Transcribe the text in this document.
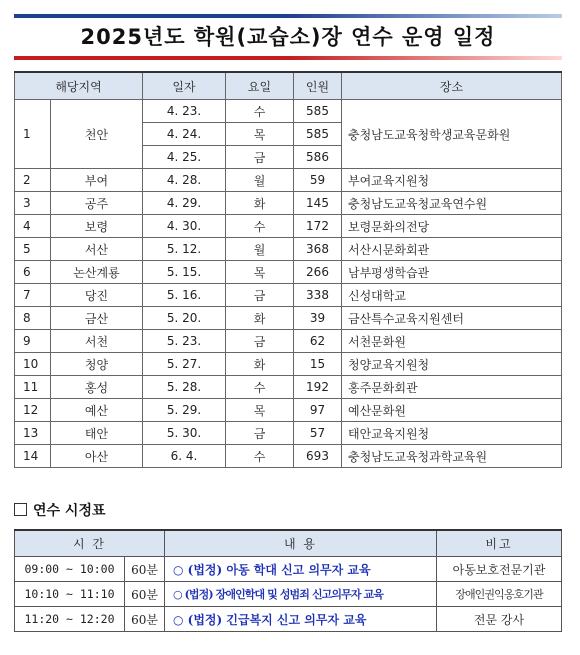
2025년도 학원(교습소)장 연수 운영 일정
해당지역		일자	요일	인원	장소
1	천안	4. 23.	수	585	충청남도교육청학생교육문화원
		4. 24.	목	585	
		4. 25.	금	586	
2	부여	4. 28.	월	59	부여교육지원청
3	공주	4. 29.	화	145	충청남도교육청교육연수원
4	보령	4. 30.	수	172	보령문화의전당
5	서산	5. 12.	월	368	서산시문화회관
6	논산계룡	5. 15.	목	266	남부평생학습관
7	당진	5. 16.	금	338	신성대학교
8	금산	5. 20.	화	39	금산특수교육지원센터
9	서천	5. 23.	금	62	서천문화원
10	청양	5. 27.	화	15	청양교육지원청
11	홍성	5. 28.	수	192	홍주문화회관
12	예산	5. 29.	목	97	예산문화원
13	태안	5. 30.	금	57	태안교육지원청
14	아산	6. 4.	수	693	충청남도교육청과학교육원
연수 시정표
시 간		내 용	비고
09:00 ~ 10:00	60분	○ (법정) 아동 학대 신고 의무자 교육	아동보호전문기관
10:10 ~ 11:10	60분	○ (법정) 장애인학대 및 성범죄 신고의무자 교육	장애인권익옹호기관
11:20 ~ 12:20	60분	○ (법정) 긴급복지 신고 의무자 교육	전문 강사
